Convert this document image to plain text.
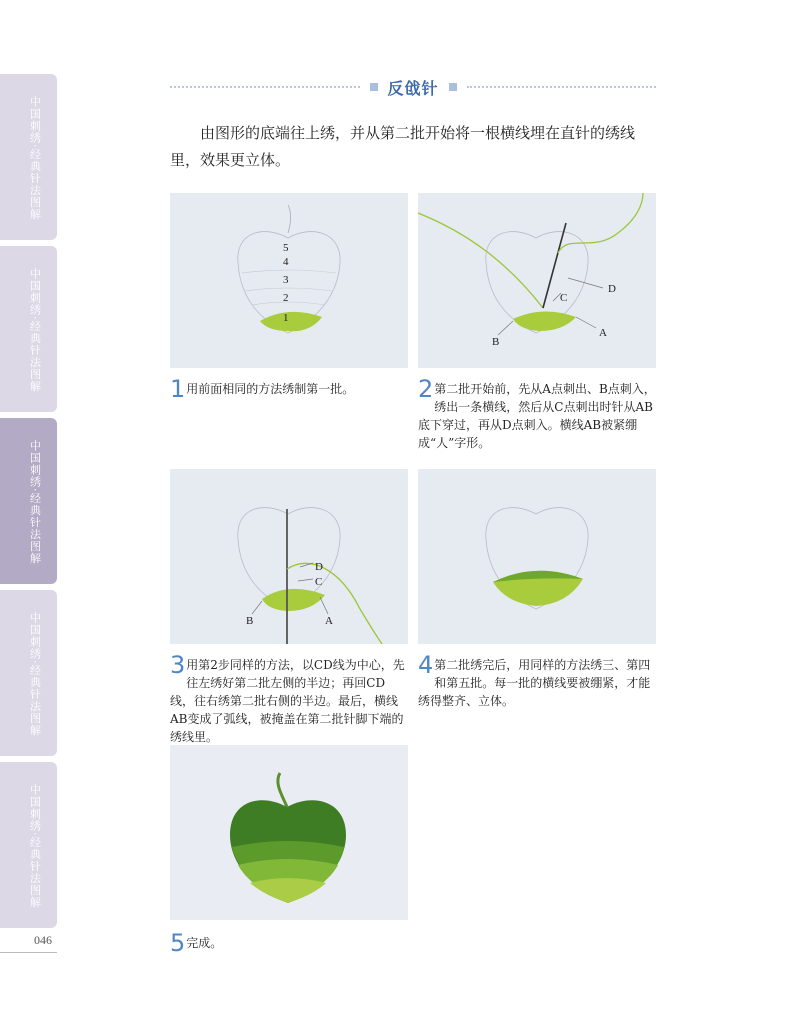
中国刺绣·经典针法图解
中国刺绣·经典针法图解
中国刺绣·经典针法图解
中国刺绣·经典针法图解
中国刺绣·经典针法图解
046
反戗针
由图形的底端往上绣，并从第二批开始将一根横线埋在直针的绣线里，效果更立体。
5
4
3
2
1
D
C
A
B
1 用前面相同的方法绣制第一批。	2 第二批开始前，先从A点刺出、B点刺入，绣出一条横线，然后从C点刺出时针从AB底下穿过，再从D点刺入。横线AB被紧绷成“人”字形。
D
C
A
B
3 用第2步同样的方法，以CD线为中心，先往左绣好第二批左侧的半边；再回CD线，往右绣第二批右侧的半边。最后，横线AB变成了弧线，被掩盖在第二批针脚下端的绣线里。
4 第二批绣完后，用同样的方法绣三、第四和第五批。每一批的横线要被绷紧，才能绣得整齐、立体。
5 完成。
